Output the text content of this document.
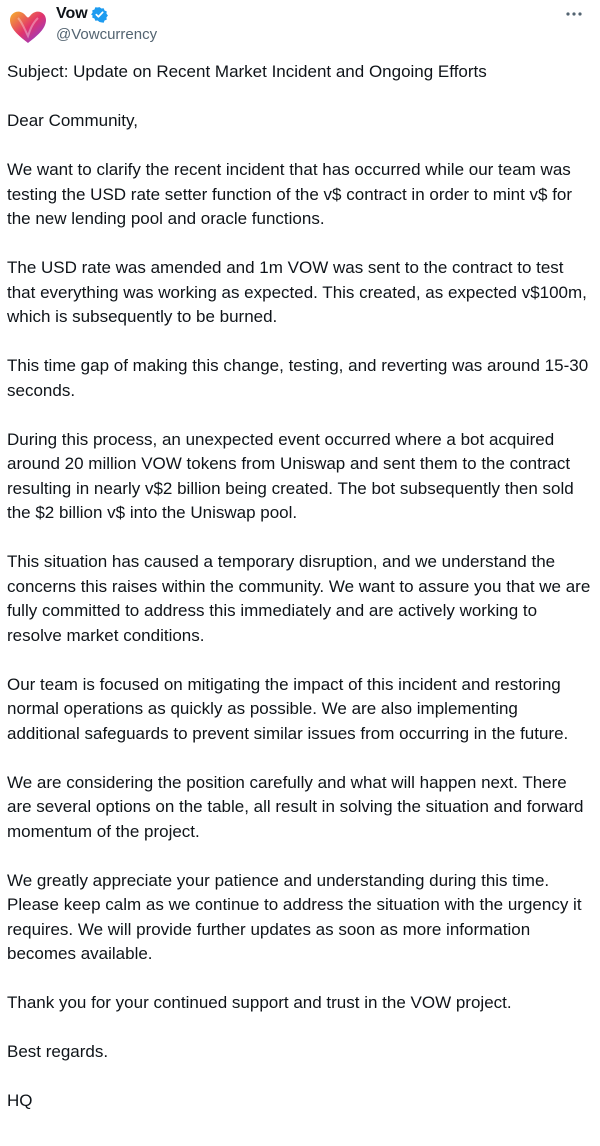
Vow
@Vowcurrency

Subject: Update on Recent Market Incident and Ongoing Efforts

Dear Community,

We want to clarify the recent incident that has occurred while our team was testing the USD rate setter function of the v$ contract in order to mint v$ for the new lending pool and oracle functions.

The USD rate was amended and 1m VOW was sent to the contract to test that everything was working as expected. This created, as expected v$100m, which is subsequently to be burned.

This time gap of making this change, testing, and reverting was around 15-30 seconds.

During this process, an unexpected event occurred where a bot acquired around 20 million VOW tokens from Uniswap and sent them to the contract resulting in nearly v$2 billion being created. The bot subsequently then sold the $2 billion v$ into the Uniswap pool.

This situation has caused a temporary disruption, and we understand the concerns this raises within the community. We want to assure you that we are fully committed to address this immediately and are actively working to resolve market conditions.

Our team is focused on mitigating the impact of this incident and restoring normal operations as quickly as possible. We are also implementing additional safeguards to prevent similar issues from occurring in the future.

We are considering the position carefully and what will happen next. There are several options on the table, all result in solving the situation and forward momentum of the project.

We greatly appreciate your patience and understanding during this time. Please keep calm as we continue to address the situation with the urgency it requires. We will provide further updates as soon as more information becomes available.

Thank you for your continued support and trust in the VOW project.

Best regards.

HQ
